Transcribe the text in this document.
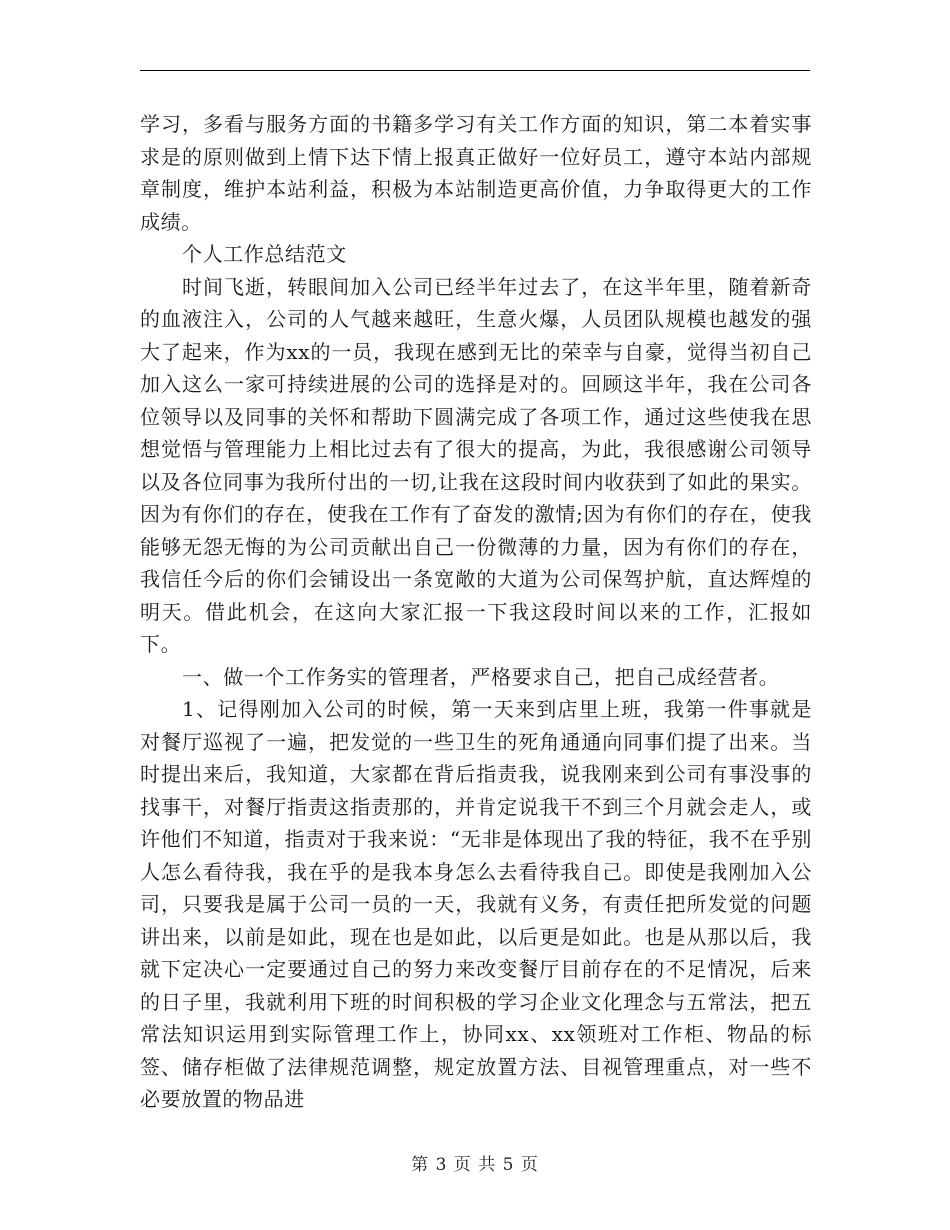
学习，多看与服务方面的书籍多学习有关工作方面的知识，第二本着实事求是的原则做到上情下达下情上报真正做好一位好员工，遵守本站内部规章制度，维护本站利益，积极为本站制造更高价值，力争取得更大的工作成绩。

个人工作总结范文

时间飞逝，转眼间加入公司已经半年过去了，在这半年里，随着新奇的血液注入，公司的人气越来越旺，生意火爆，人员团队规模也越发的强大了起来，作为xx的一员，我现在感到无比的荣幸与自豪，觉得当初自己加入这么一家可持续进展的公司的选择是对的。回顾这半年，我在公司各位领导以及同事的关怀和帮助下圆满完成了各项工作，通过这些使我在思想觉悟与管理能力上相比过去有了很大的提高，为此，我很感谢公司领导以及各位同事为我所付出的一切,让我在这段时间内收获到了如此的果实。因为有你们的存在，使我在工作有了奋发的激情;因为有你们的存在，使我能够无怨无悔的为公司贡献出自己一份微薄的力量，因为有你们的存在，我信任今后的你们会铺设出一条宽敞的大道为公司保驾护航，直达辉煌的明天。借此机会，在这向大家汇报一下我这段时间以来的工作，汇报如下。

一、做一个工作务实的管理者，严格要求自己，把自己成经营者。

1、记得刚加入公司的时候，第一天来到店里上班，我第一件事就是对餐厅巡视了一遍，把发觉的一些卫生的死角通通向同事们提了出来。当时提出来后，我知道，大家都在背后指责我，说我刚来到公司有事没事的找事干，对餐厅指责这指责那的，并肯定说我干不到三个月就会走人，或许他们不知道，指责对于我来说：“无非是体现出了我的特征，我不在乎别人怎么看待我，我在乎的是我本身怎么去看待我自己。即使是我刚加入公司，只要我是属于公司一员的一天，我就有义务，有责任把所发觉的问题讲出来，以前是如此，现在也是如此，以后更是如此。也是从那以后，我就下定决心一定要通过自己的努力来改变餐厅目前存在的不足情况，后来的日子里，我就利用下班的时间积极的学习企业文化理念与五常法，把五常法知识运用到实际管理工作上，协同xx、xx领班对工作柜、物品的标签、储存柜做了法律规范调整，规定放置方法、目视管理重点，对一些不必要放置的物品进

第 3 页 共 5 页
